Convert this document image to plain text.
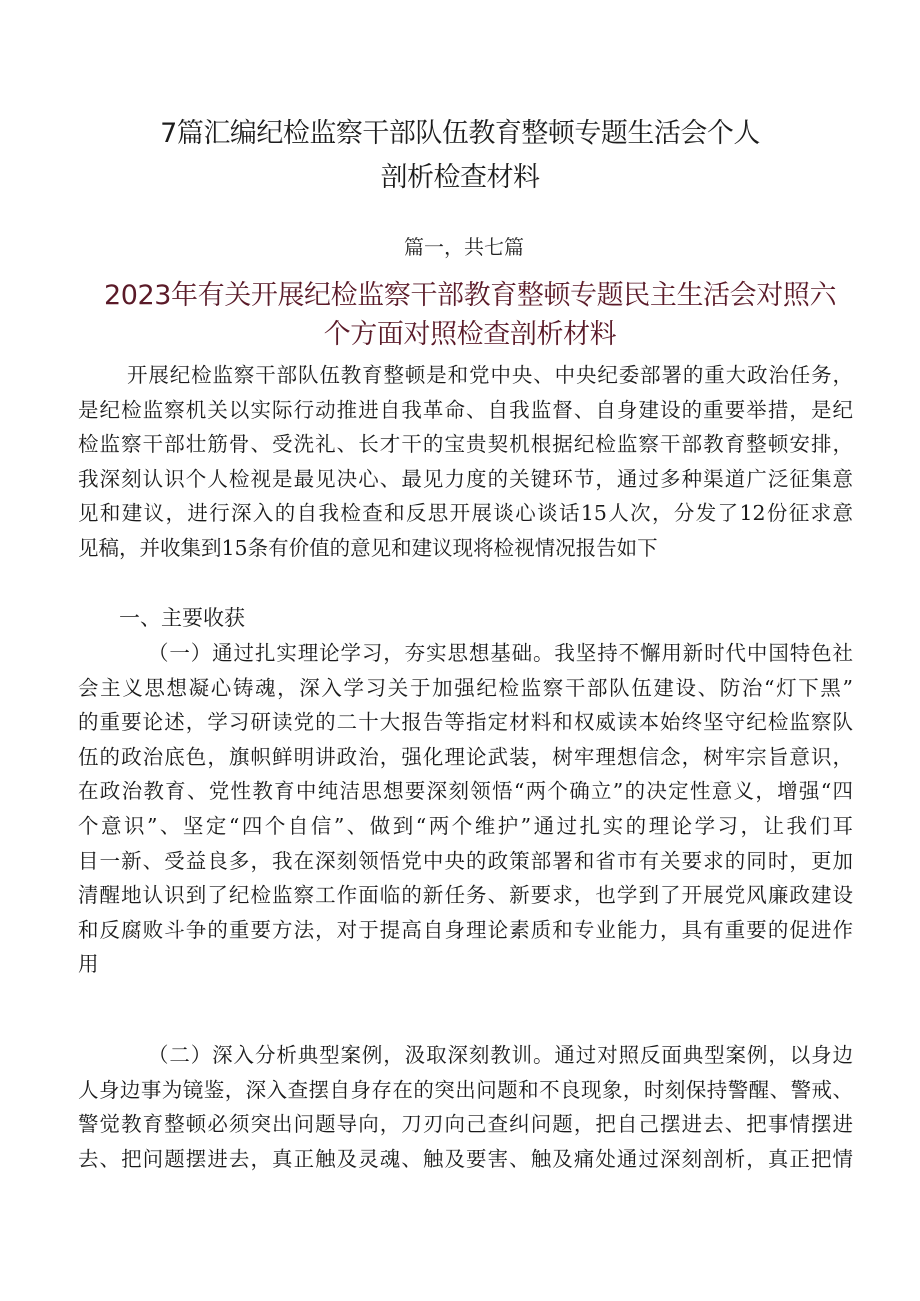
7篇汇编纪检监察干部队伍教育整顿专题生活会个人
剖析检查材料
篇一，共七篇
2023年有关开展纪检监察干部教育整顿专题民主生活会对照六
个方面对照检查剖析材料
开展纪检监察干部队伍教育整顿是和党中央、中央纪委部署的重大政治任务，
是纪检监察机关以实际行动推进自我革命、自我监督、自身建设的重要举措，是纪
检监察干部壮筋骨、受洗礼、长才干的宝贵契机根据纪检监察干部教育整顿安排，
我深刻认识个人检视是最见决心、最见力度的关键环节，通过多种渠道广泛征集意
见和建议，进行深入的自我检查和反思开展谈心谈话15人次，分发了12份征求意
见稿，并收集到15条有价值的意见和建议现将检视情况报告如下
一、主要收获
（一）通过扎实理论学习，夯实思想基础。我坚持不懈用新时代中国特色社
会主义思想凝心铸魂，深入学习关于加强纪检监察干部队伍建设、防治“灯下黑”
的重要论述，学习研读党的二十大报告等指定材料和权威读本始终坚守纪检监察队
伍的政治底色，旗帜鲜明讲政治，强化理论武装，树牢理想信念，树牢宗旨意识，
在政治教育、党性教育中纯洁思想要深刻领悟“两个确立”的决定性意义，增强“四
个意识”、坚定“四个自信”、做到“两个维护”通过扎实的理论学习，让我们耳
目一新、受益良多，我在深刻领悟党中央的政策部署和省市有关要求的同时，更加
清醒地认识到了纪检监察工作面临的新任务、新要求，也学到了开展党风廉政建设
和反腐败斗争的重要方法，对于提高自身理论素质和专业能力，具有重要的促进作
用
（二）深入分析典型案例，汲取深刻教训。通过对照反面典型案例，以身边
人身边事为镜鉴，深入查摆自身存在的突出问题和不良现象，时刻保持警醒、警戒、
警觉教育整顿必须突出问题导向，刀刃向己查纠问题，把自己摆进去、把事情摆进
去、把问题摆进去，真正触及灵魂、触及要害、触及痛处通过深刻剖析，真正把情
